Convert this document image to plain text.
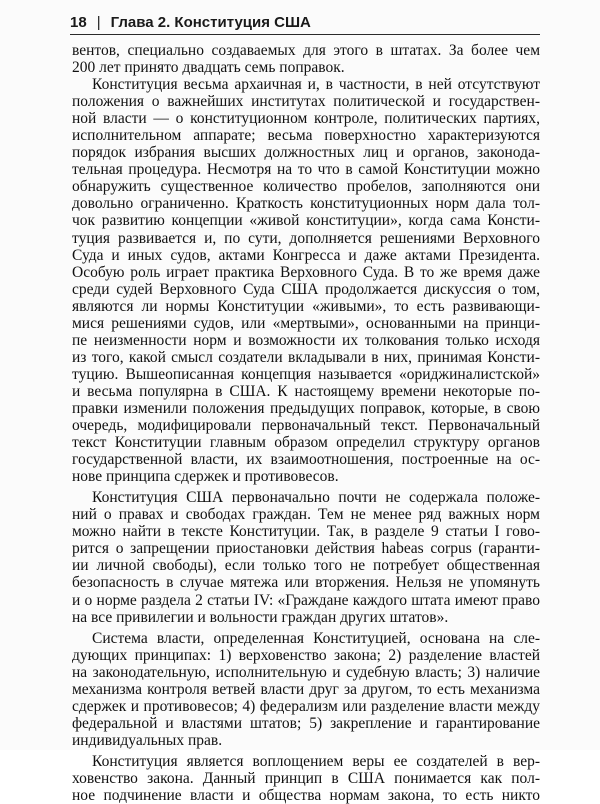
18 | Глава 2. Конституция США

вентов, специально создаваемых для этого в штатах. За более чем

200 лет принято двадцать семь поправок.

Конституция весьма архаичная и, в частности, в ней отсутствуют

положения о важнейших институтах политической и государствен-

ной власти — о конституционном контроле, политических партиях,

исполнительном аппарате; весьма поверхностно характеризуются

порядок избрания высших должностных лиц и органов, законода-

тельная процедура. Несмотря на то что в самой Конституции можно

обнаружить существенное количество пробелов, заполняются они

довольно ограниченно. Краткость конституционных норм дала тол-

чок развитию концепции «живой конституции», когда сама Консти-

туция развивается и, по сути, дополняется решениями Верховного

Суда и иных судов, актами Конгресса и даже актами Президента.

Особую роль играет практика Верховного Суда. В то же время даже

среди судей Верховного Суда США продолжается дискуссия о том,

являются ли нормы Конституции «живыми», то есть развивающи-

мися решениями судов, или «мертвыми», основанными на принци-

пе неизменности норм и возможности их толкования только исходя

из того, какой смысл создатели вкладывали в них, принимая Консти-

туцию. Вышеописанная концепция называется «ориджиналистской»

и весьма популярна в США. К настоящему времени некоторые по-

правки изменили положения предыдущих поправок, которые, в свою

очередь, модифицировали первоначальный текст. Первоначальный

текст Конституции главным образом определил структуру органов

государственной власти, их взаимоотношения, построенные на ос-

нове принципа сдержек и противовесов.

Конституция США первоначально почти не содержала положе-

ний о правах и свободах граждан. Тем не менее ряд важных норм

можно найти в тексте Конституции. Так, в разделе 9 статьи I гово-

рится о запрещении приостановки действия habeas corpus (гаранти-

ии личной свободы), если только того не потребует общественная

безопасность в случае мятежа или вторжения. Нельзя не упомянуть

и о норме раздела 2 статьи IV: «Граждане каждого штата имеют право

на все привилегии и вольности граждан других штатов».

Система власти, определенная Конституцией, основана на сле-

дующих принципах: 1) верховенство закона; 2) разделение властей

на законодательную, исполнительную и судебную власть; 3) наличие

механизма контроля ветвей власти друг за другом, то есть механизма

сдержек и противовесов; 4) федерализм или разделение власти между

федеральной и властями штатов; 5) закрепление и гарантирование

индивидуальных прав.

Конституция является воплощением веры ее создателей в вер-

ховенство закона. Данный принцип в США понимается как пол-

ное подчинение власти и общества нормам закона, то есть никто
